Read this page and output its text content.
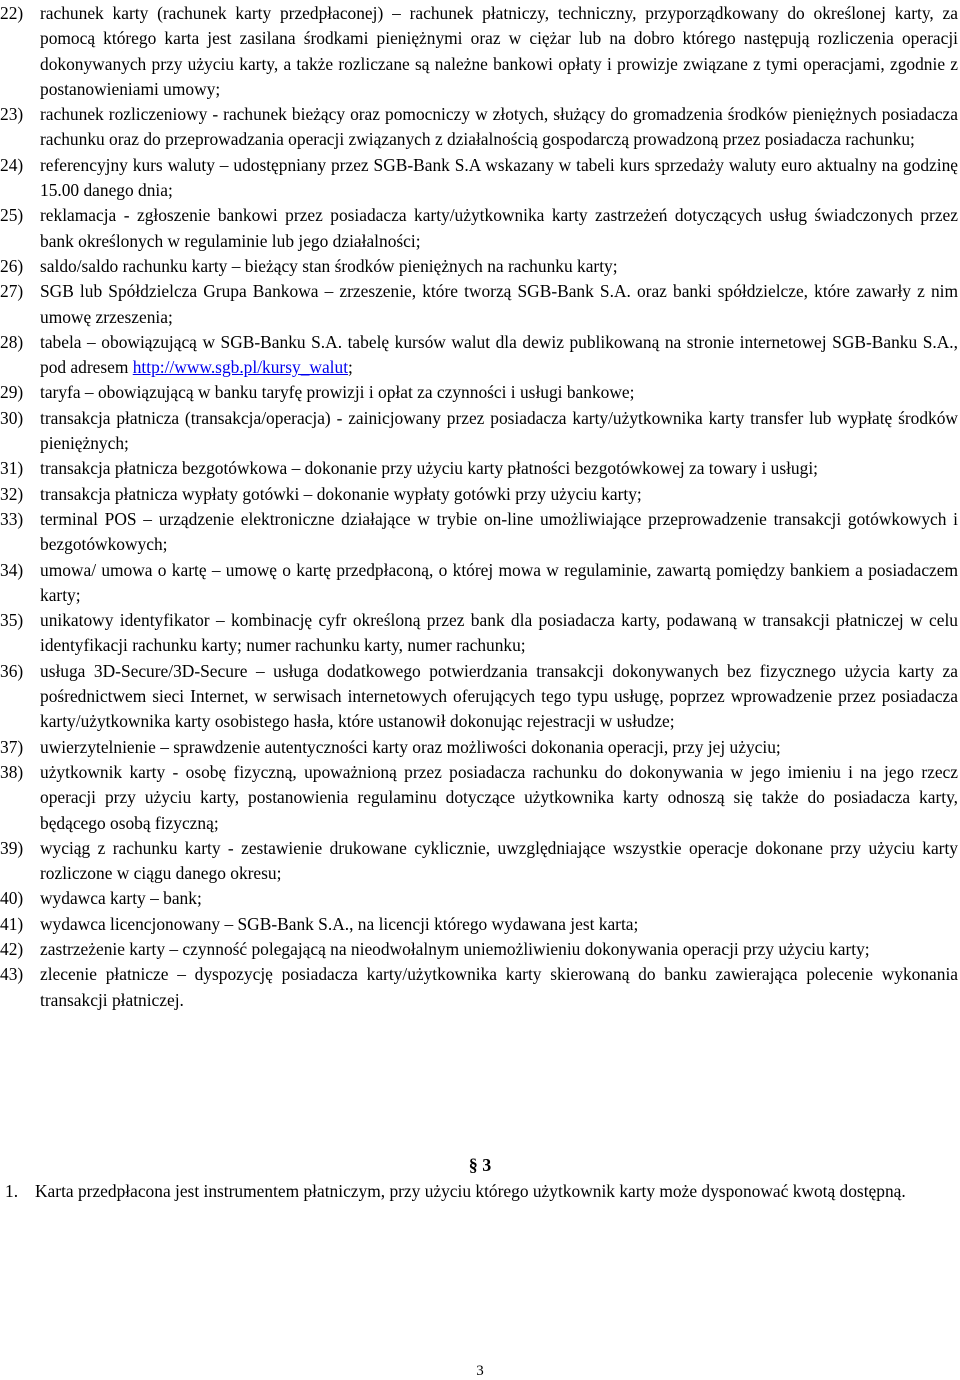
22) rachunek karty (rachunek karty przedpłaconej) – rachunek płatniczy, techniczny, przyporządkowany do określonej karty, za pomocą którego karta jest zasilana środkami pieniężnymi oraz w ciężar lub na dobro którego następują rozliczenia operacji dokonywanych przy użyciu karty, a także rozliczane są należne bankowi opłaty i prowizje związane z tymi operacjami, zgodnie z postanowieniami umowy;
23) rachunek rozliczeniowy - rachunek bieżący oraz pomocniczy w złotych, służący do gromadzenia środków pieniężnych posiadacza rachunku oraz do przeprowadzania operacji związanych z działalnością gospodarczą prowadzoną przez posiadacza rachunku;
24) referencyjny kurs waluty – udostępniany przez SGB-Bank S.A wskazany w tabeli kurs sprzedaży waluty euro aktualny na godzinę 15.00 danego dnia;
25) reklamacja - zgłoszenie bankowi przez posiadacza karty/użytkownika karty zastrzeżeń dotyczących usług świadczonych przez bank określonych w regulaminie lub jego działalności;
26) saldo/saldo rachunku karty – bieżący stan środków pieniężnych na rachunku karty;
27) SGB lub Spółdzielcza Grupa Bankowa – zrzeszenie, które tworzą SGB-Bank S.A. oraz banki spółdzielcze, które zawarły z nim umowę zrzeszenia;
28) tabela – obowiązującą w SGB-Banku S.A. tabelę kursów walut dla dewiz publikowaną na stronie internetowej SGB-Banku S.A., pod adresem http://www.sgb.pl/kursy_walut;
29) taryfa – obowiązującą w banku taryfę prowizji i opłat za czynności i usługi bankowe;
30) transakcja płatnicza (transakcja/operacja) - zainicjowany przez posiadacza karty/użytkownika karty transfer lub wypłatę środków pieniężnych;
31) transakcja płatnicza bezgotówkowa – dokonanie przy użyciu karty płatności bezgotówkowej za towary i usługi;
32) transakcja płatnicza wypłaty gotówki – dokonanie wypłaty gotówki przy użyciu karty;
33) terminal POS – urządzenie elektroniczne działające w trybie on-line umożliwiające przeprowadzenie transakcji gotówkowych i bezgotówkowych;
34) umowa/ umowa o kartę – umowę o kartę przedpłaconą, o której mowa w regulaminie, zawartą pomiędzy bankiem a posiadaczem karty;
35) unikatowy identyfikator – kombinację cyfr określoną przez bank dla posiadacza karty, podawaną w transakcji płatniczej w celu identyfikacji rachunku karty; numer rachunku karty, numer rachunku;
36) usługa 3D-Secure/3D-Secure – usługa dodatkowego potwierdzania transakcji dokonywanych bez fizycznego użycia karty za pośrednictwem sieci Internet, w serwisach internetowych oferujących tego typu usługę, poprzez wprowadzenie przez posiadacza karty/użytkownika karty osobistego hasła, które ustanowił dokonując rejestracji w usłudze;
37) uwierzytelnienie – sprawdzenie autentyczności karty oraz możliwości dokonania operacji, przy jej użyciu;
38) użytkownik karty - osobę fizyczną, upoważnioną przez posiadacza rachunku do dokonywania w jego imieniu i na jego rzecz operacji przy użyciu karty, postanowienia regulaminu dotyczące użytkownika karty odnoszą się także do posiadacza karty, będącego osobą fizyczną;
39) wyciąg z rachunku karty - zestawienie drukowane cyklicznie, uwzględniające wszystkie operacje dokonane przy użyciu karty rozliczone w ciągu danego okresu;
40) wydawca karty – bank;
41) wydawca licencjonowany – SGB-Bank S.A., na licencji którego wydawana jest karta;
42) zastrzeżenie karty – czynność polegającą na nieodwołalnym uniemożliwieniu dokonywania operacji przy użyciu karty;
43) zlecenie płatnicze – dyspozycję posiadacza karty/użytkownika karty skierowaną do banku zawierająca polecenie wykonania transakcji płatniczej.
§ 3
1. Karta przedpłacona jest instrumentem płatniczym, przy użyciu którego użytkownik karty może dysponować kwotą dostępną.
3
